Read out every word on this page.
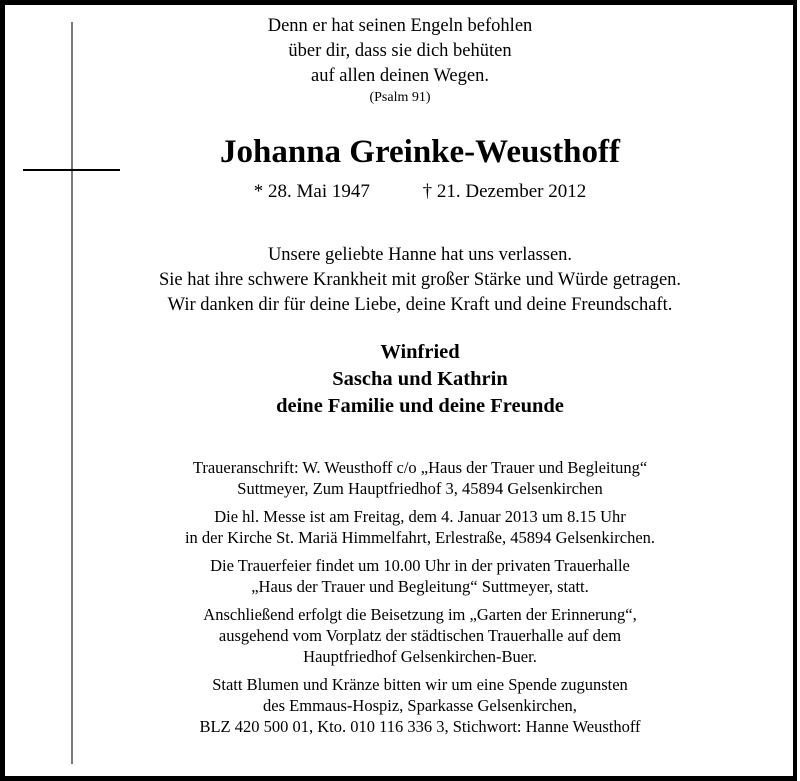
Denn er hat seinen Engeln befohlen
über dir, dass sie dich behüten
auf allen deinen Wegen.
(Psalm 91)
Johanna Greinke-Weusthoff
* 28. Mai 1947	† 21. Dezember 2012
Unsere geliebte Hanne hat uns verlassen.
Sie hat ihre schwere Krankheit mit großer Stärke und Würde getragen.
Wir danken dir für deine Liebe, deine Kraft und deine Freundschaft.
Winfried
Sascha und Kathrin
deine Familie und deine Freunde

Traueranschrift: W. Weusthoff c/o „Haus der Trauer und Begleitung“
Suttmeyer, Zum Hauptfriedhof 3, 45894 Gelsenkirchen

Die hl. Messe ist am Freitag, dem 4. Januar 2013 um 8.15 Uhr
in der Kirche St. Mariä Himmelfahrt, Erlestraße, 45894 Gelsenkirchen.

Die Trauerfeier findet um 10.00 Uhr in der privaten Trauerhalle
„Haus der Trauer und Begleitung“ Suttmeyer, statt.

Anschließend erfolgt die Beisetzung im „Garten der Erinnerung“,
ausgehend vom Vorplatz der städtischen Trauerhalle auf dem
Hauptfriedhof Gelsenkirchen-Buer.

Statt Blumen und Kränze bitten wir um eine Spende zugunsten
des Emmaus-Hospiz, Sparkasse Gelsenkirchen,
BLZ 420 500 01, Kto. 010 116 336 3, Stichwort: Hanne Weusthoff
